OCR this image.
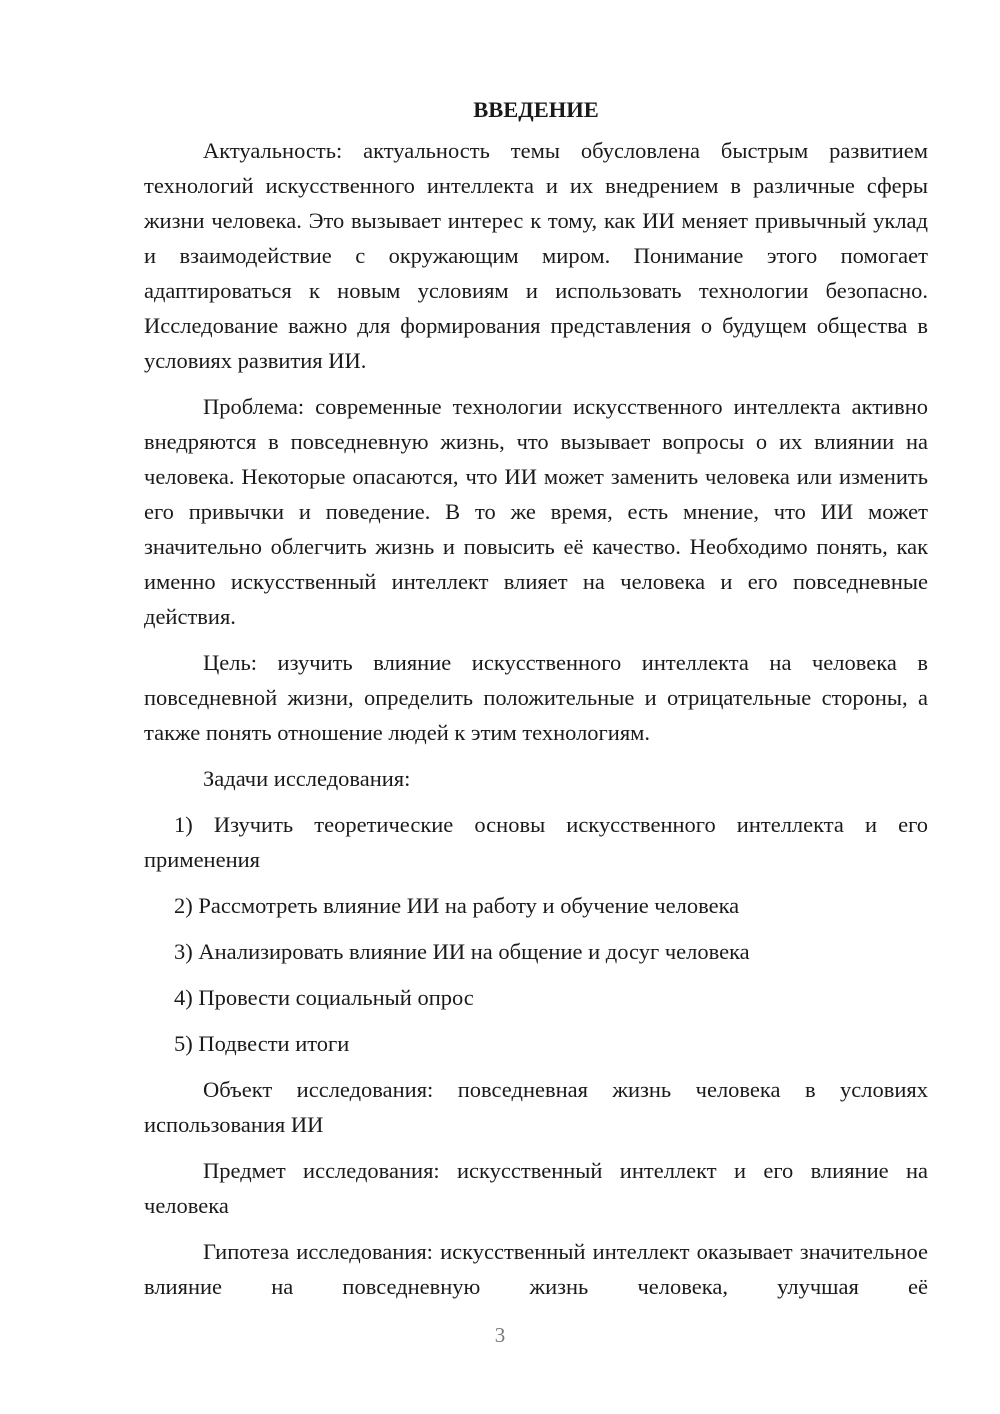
ВВЕДЕНИЕ

Актуальность: актуальность темы обусловлена быстрым развитием технологий искусственного интеллекта и их внедрением в различные сферы жизни человека. Это вызывает интерес к тому, как ИИ меняет привычный уклад и взаимодействие с окружающим миром. Понимание этого помогает адаптироваться к новым условиям и использовать технологии безопасно. Исследование важно для формирования представления о будущем общества в условиях развития ИИ.

Проблема: современные технологии искусственного интеллекта активно внедряются в повседневную жизнь, что вызывает вопросы о их влиянии на человека. Некоторые опасаются, что ИИ может заменить человека или изменить его привычки и поведение. В то же время, есть мнение, что ИИ может значительно облегчить жизнь и повысить её качество. Необходимо понять, как именно искусственный интеллект влияет на человека и его повседневные действия.

Цель: изучить влияние искусственного интеллекта на человека в повседневной жизни, определить положительные и отрицательные стороны, а также понять отношение людей к этим технологиям.

Задачи исследования:

1) Изучить теоретические основы искусственного интеллекта и его применения

2) Рассмотреть влияние ИИ на работу и обучение человека

3) Анализировать влияние ИИ на общение и досуг человека

4) Провести социальный опрос

5) Подвести итоги

Объект исследования: повседневная жизнь человека в условиях использования ИИ

Предмет исследования: искусственный интеллект и его влияние на человека

Гипотеза исследования: искусственный интеллект оказывает значительное влияние на повседневную жизнь человека, улучшая её

3
